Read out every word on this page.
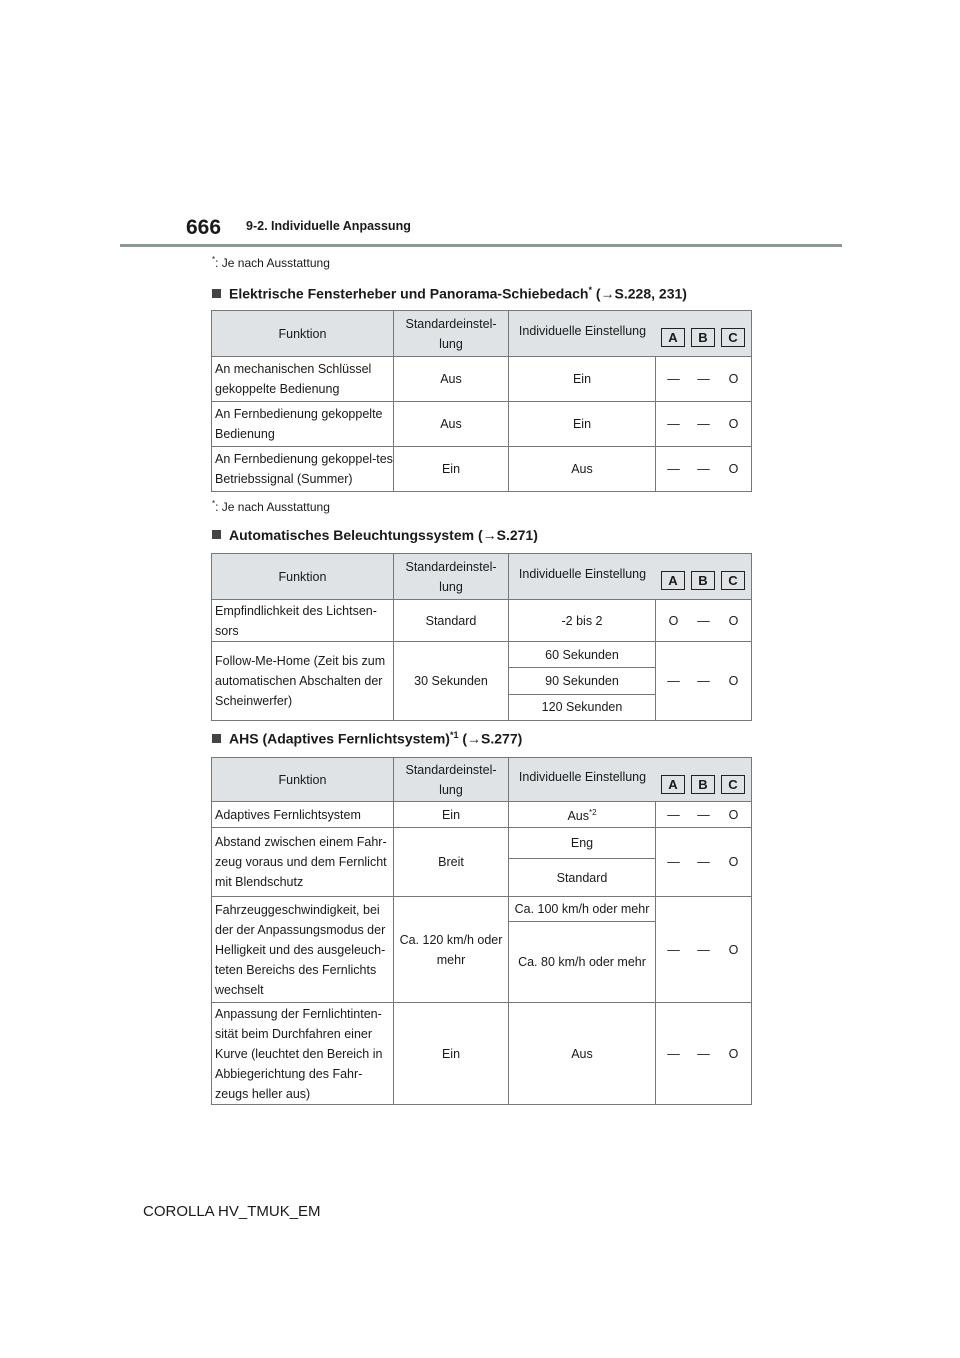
666 9-2. Individuelle Anpassung
*: Je nach Ausstattung
Elektrische Fensterheber und Panorama-Schiebedach* (→S.228, 231)
Funktion	Standardeinstel-lung	Individuelle Einstellung A B C	

An mechanischen Schlüssel gekoppelte Bedienung	Aus	Ein	— — O
An Fernbedienung gekoppelte Bedienung	Aus	Ein	— — O
An Fernbedienung gekoppel-tes Betriebssignal (Summer)	Ein	Aus	— — O
*: Je nach Ausstattung
Automatisches Beleuchtungssystem (→S.271)
Funktion	Standardeinstel-lung	Individuelle Einstellung A B C	

Empfindlichkeit des Lichtsen-sors	Standard	-2 bis 2	O — O
Follow-Me-Home (Zeit bis zum automatischen Abschalten der Scheinwerfer)	30 Sekunden	60 Sekunden
90 Sekunden
120 Sekunden	— — O
AHS (Adaptives Fernlichtsystem)$^{*1}$ (→S.277)
Funktion	Standardeinstel-lung	Individuelle Einstellung A B C	

Adaptives Fernlichtsystem	Ein	Aus$^{*2}$	— — O
Abstand zwischen einem Fahr-zeug voraus und dem Fernlicht mit Blendschutz	Breit	Eng
Standard	— — O
Fahrzeuggeschwindigkeit, bei der der Anpassungsmodus der Helligkeit und des ausgeleuch-teten Bereichs des Fernlichts wechselt	Ca. 120 km/h oder mehr	Ca. 100 km/h oder mehr
Ca. 80 km/h oder mehr	— — O
Anpassung der Fernlichtinten-sität beim Durchfahren einer Kurve (leuchtet den Bereich in Abbiegerichtung des Fahr-zeugs heller aus)	Ein	Aus	— — O
COROLLA HV_TMUK_EM
